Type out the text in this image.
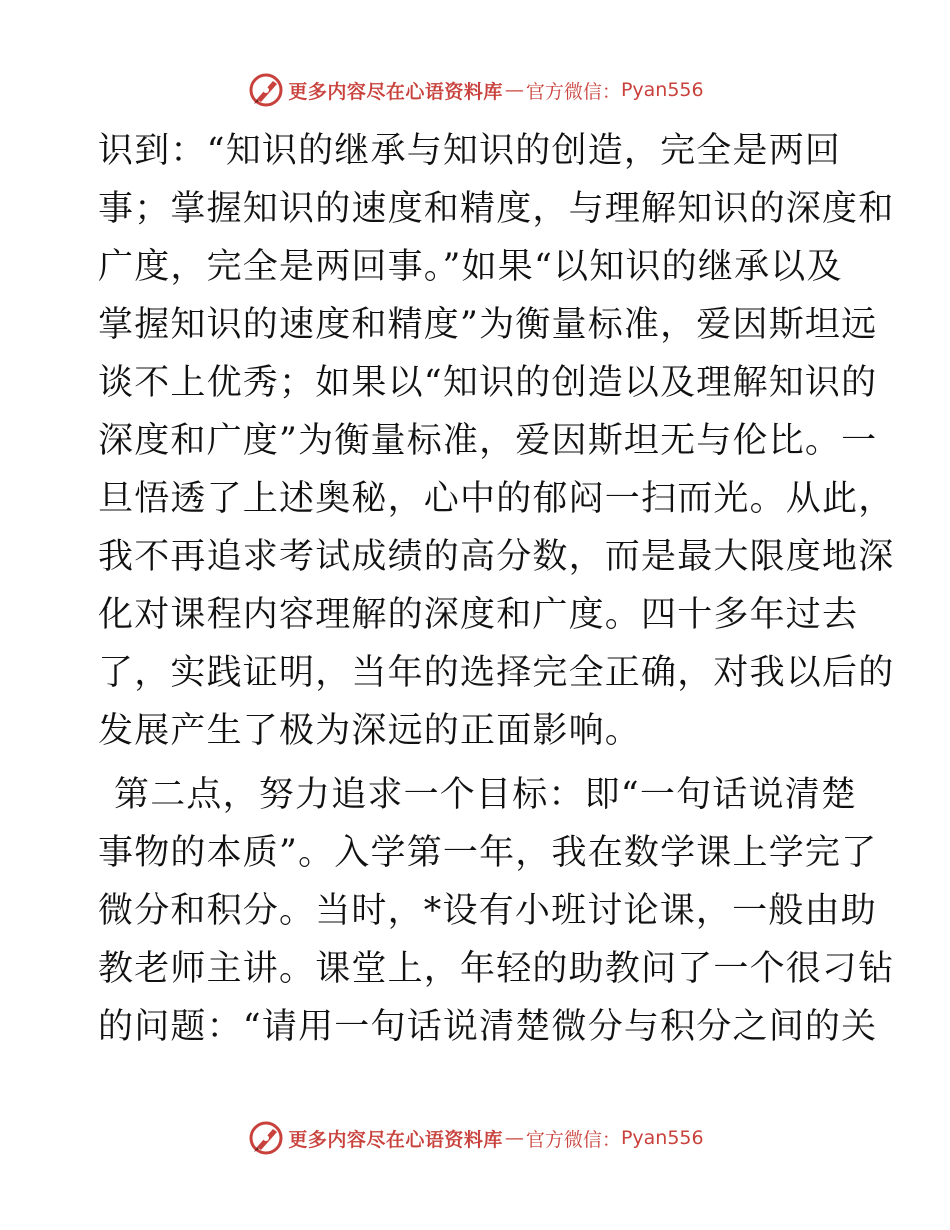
更多内容尽在心语资料库 — 官方微信： Pyan556
识到：“知识的继承与知识的创造，完全是两回
事；掌握知识的速度和精度，与理解知识的深度和
广度，完全是两回事。”如果“以知识的继承以及
掌握知识的速度和精度”为衡量标准，爱因斯坦远
谈不上优秀；如果以“知识的创造以及理解知识的
深度和广度”为衡量标准，爱因斯坦无与伦比。一
旦悟透了上述奥秘，心中的郁闷一扫而光。从此，
我不再追求考试成绩的高分数，而是最大限度地深
化对课程内容理解的深度和广度。四十多年过去
了，实践证明，当年的选择完全正确，对我以后的
发展产生了极为深远的正面影响。
第二点，努力追求一个目标：即“一句话说清楚
事物的本质”。入学第一年，我在数学课上学完了
微分和积分。当时，*设有小班讨论课，一般由助
教老师主讲。课堂上，年轻的助教问了一个很刁钻
的问题：“请用一句话说清楚微分与积分之间的关
更多内容尽在心语资料库 — 官方微信： Pyan556
